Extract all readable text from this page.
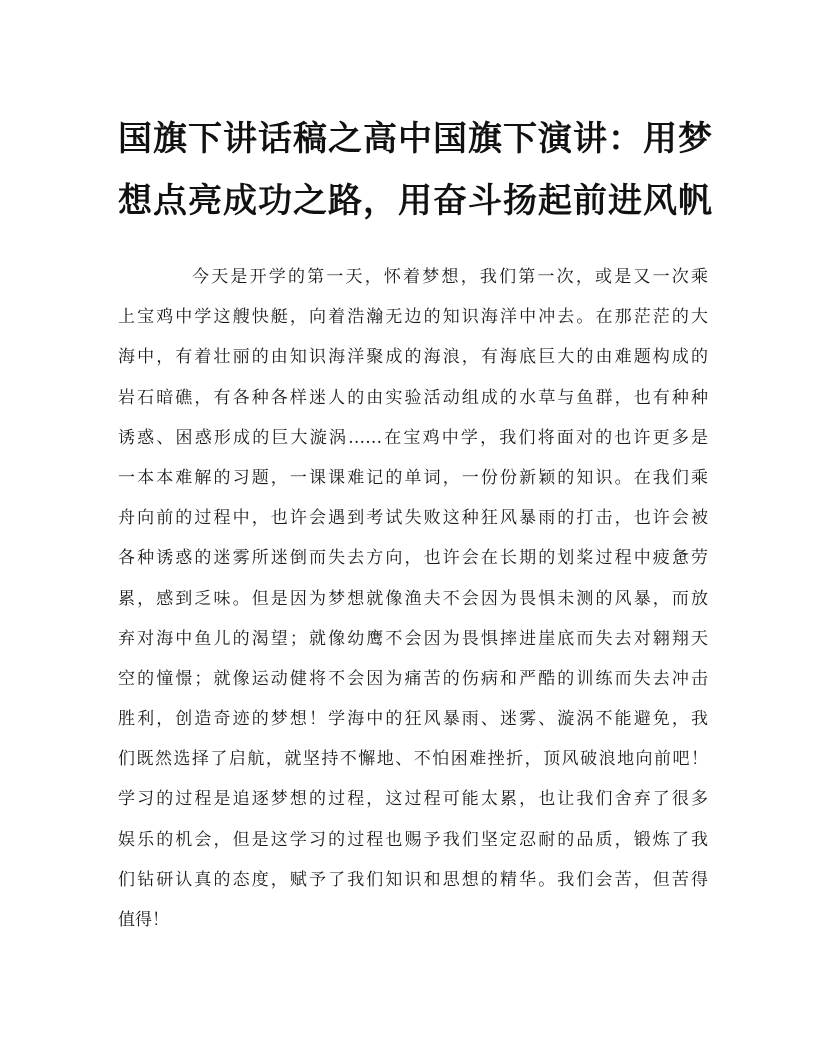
国旗下讲话稿之高中国旗下演讲：用梦
想点亮成功之路，用奋斗扬起前进风帆
今天是开学的第一天，怀着梦想，我们第一次，或是又一次乘
上宝鸡中学这艘快艇，向着浩瀚无边的知识海洋中冲去。在那茫茫的大
海中，有着壮丽的由知识海洋聚成的海浪，有海底巨大的由难题构成的
岩石暗礁，有各种各样迷人的由实验活动组成的水草与鱼群，也有种种
诱惑、困惑形成的巨大漩涡……在宝鸡中学，我们将面对的也许更多是
一本本难解的习题，一课课难记的单词，一份份新颖的知识。在我们乘
舟向前的过程中，也许会遇到考试失败这种狂风暴雨的打击，也许会被
各种诱惑的迷雾所迷倒而失去方向，也许会在长期的划桨过程中疲惫劳
累，感到乏味。但是因为梦想就像渔夫不会因为畏惧未测的风暴，而放
弃对海中鱼儿的渴望；就像幼鹰不会因为畏惧摔进崖底而失去对翱翔天
空的憧憬；就像运动健将不会因为痛苦的伤病和严酷的训练而失去冲击
胜利，创造奇迹的梦想！学海中的狂风暴雨、迷雾、漩涡不能避免，我
们既然选择了启航，就坚持不懈地、不怕困难挫折，顶风破浪地向前吧！
学习的过程是追逐梦想的过程，这过程可能太累，也让我们舍弃了很多
娱乐的机会，但是这学习的过程也赐予我们坚定忍耐的品质，锻炼了我
们钻研认真的态度，赋予了我们知识和思想的精华。我们会苦，但苦得
值得！
